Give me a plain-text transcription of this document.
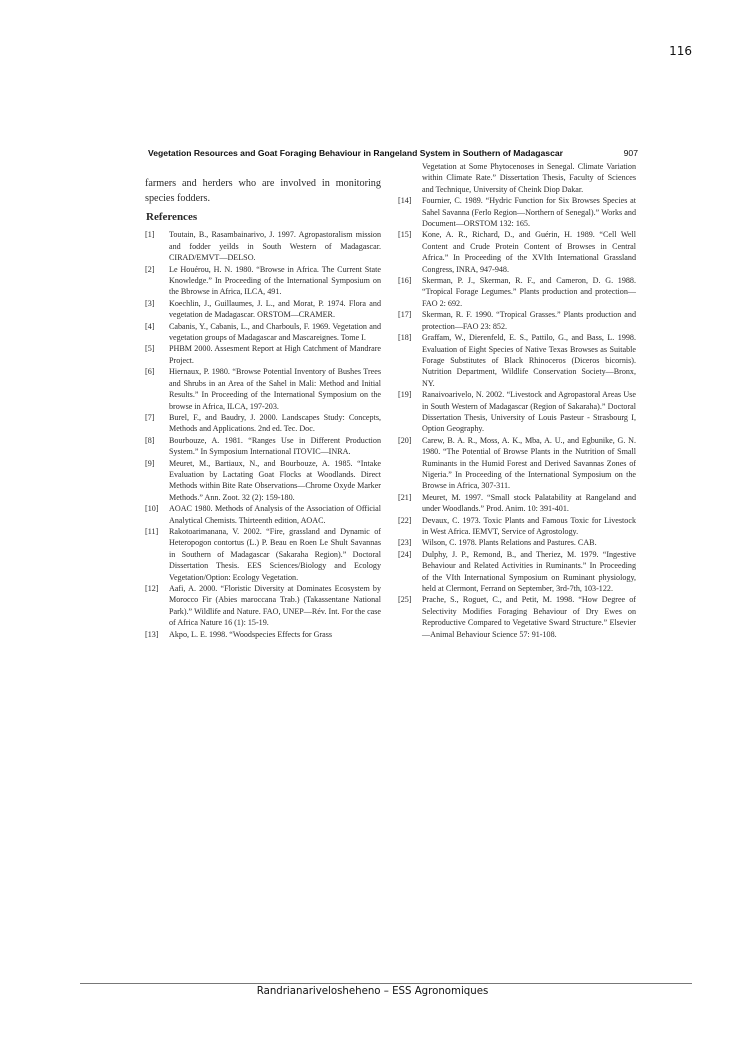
116
Vegetation Resources and Goat Foraging Behaviour in Rangeland System in Southern of Madagascar	907
farmers and herders who are involved in monitoring species fodders.
References
[1]	Toutain, B., Rasambainarivo, J. 1997. Agropastoralism mission and fodder yeilds in South Western of Madagascar. CIRAD/EMVT—DELSO.
[2]	Le Houérou, H. N. 1980. “Browse in Africa. The Current State Knowledge.” In Proceeding of the International Symposium on the Bbrowse in Africa, ILCA, 491.
[3]	Koechlin, J., Guillaumes, J. L., and Morat, P. 1974. Flora and vegetation de Madagascar. ORSTOM—CRAMER.
[4]	Cabanis, Y., Cabanis, L., and Charbouls, F. 1969. Vegetation and vegetation groups of Madagascar and Mascareignes. Tome I.
[5]	PHBM 2000. Assesment Report at High Catchment of Mandrare Project.
[6]	Hiernaux, P. 1980. “Browse Potential Inventory of Bushes Trees and Shrubs in an Area of the Sahel in Mali: Method and Initial Results.” In Proceeding of the International Symposium on the browse in Africa, ILCA, 197-203.
[7]	Burel, F., and Baudry, J. 2000. Landscapes Study: Concepts, Methods and Applications. 2nd ed. Tec. Doc.
[8]	Bourbouze, A. 1981. “Ranges Use in Different Production System.” In Symposium International ITOVIC—INRA.
[9]	Meuret, M., Bartiaux, N., and Bourbouze, A. 1985. “Intake Evaluation by Lactating Goat Flocks at Woodlands. Direct Methods within Bite Rate Observations—Chrome Oxyde Marker Methods.” Ann. Zoot. 32 (2): 159-180.
[10]	AOAC 1980. Methods of Analysis of the Association of Official Analytical Chemists. Thirteenth edition, AOAC.
[11]	Rakotoarimanana, V. 2002. “Fire, grassland and Dynamic of Heteropogon contortus (L.) P. Beau en Roen Le Shult Savannas in Southern of Madagascar (Sakaraha Region).” Doctoral Dissertation Thesis. EES Sciences/Biology and Ecology Vegetation/Option: Ecology Vegetation.
[12]	Aafi, A. 2000. “Floristic Diversity at Dominates Ecosystem by Morocco Fir (Abies maroccana Trab.) (Takassentane National Park).” Wildlife and Nature. FAO, UNEP—Rév. Int. For the case of Africa Nature 16 (1): 15-19.
[13]	Akpo, L. E. 1998. “Woodspecies Effects for Grass

Vegetation at Some Phytocenoses in Senegal. Climate Variation within Climate Rate.” Dissertation Thesis, Faculty of Sciences and Technique, University of Cheink Diop Dakar.

[14]	Fournier, C. 1989. “Hydric Function for Six Browses Species at Sahel Savanna (Ferlo Region—Northern of Senegal).” Works and Document—ORSTOM 132: 165.
[15]	Kone, A. R., Richard, D., and Guérin, H. 1989. “Cell Well Content and Crude Protein Content of Browses in Central Africa.” In Proceeding of the XVIth International Grassland Congress, INRA, 947-948.
[16]	Skerman, P. J., Skerman, R. F., and Cameron, D. G. 1988. “Tropical Forage Legumes.” Plants production and protection—FAO 2: 692.
[17]	Skerman, R. F. 1990. “Tropical Grasses.” Plants production and protection—FAO 23: 852.
[18]	Graffam, W., Dierenfeld, E. S., Pattilo, G., and Bass, L. 1998. Evaluation of Eight Species of Native Texas Browses as Suitable Forage Substitutes of Black Rhinoceros (Diceros bicornis). Nutrition Department, Wildlife Conservation Society—Bronx, NY.
[19]	Ranaivoarivelo, N. 2002. “Livestock and Agropastoral Areas Use in South Western of Madagascar (Region of Sakaraha).” Doctoral Dissertation Thesis, University of Louis Pasteur - Strasbourg I, Option Geography.
[20]	Carew, B. A. R., Moss, A. K., Mba, A. U., and Egbunike, G. N. 1980. “The Potential of Browse Plants in the Nutrition of Small Ruminants in the Humid Forest and Derived Savannas Zones of Nigeria.” In Proceeding of the International Symposium on the Browse in Africa, 307-311.
[21]	Meuret, M. 1997. “Small stock Palatability at Rangeland and under Woodlands.” Prod. Anim. 10: 391-401.
[22]	Devaux, C. 1973. Toxic Plants and Famous Toxic for Livestock in West Africa. IEMVT, Service of Agrostology.
[23]	Wilson, C. 1978. Plants Relations and Pastures. CAB.
[24]	Dulphy, J. P., Remond, B., and Theriez, M. 1979. “Ingestive Behaviour and Related Activities in Ruminants.” In Proceeding of the VIth International Symposium on Ruminant physiology, held at Clermont, Ferrand on September, 3rd-7th, 103-122.
[25]	Prache, S., Roguet, C., and Petit, M. 1998. “How Degree of Selectivity Modifies Foraging Behaviour of Dry Ewes on Reproductive Compared to Vegetative Sward Structure.” Elsevier—Animal Behaviour Science 57: 91-108.
Randrianarivelosheheno – ESS Agronomiques
